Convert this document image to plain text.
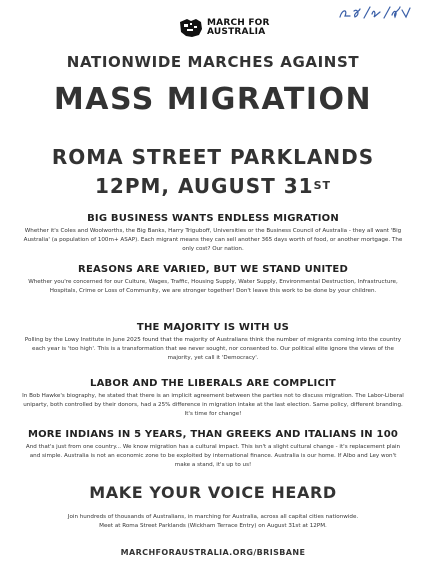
MARCH FOR
AUSTRALIA
NATIONWIDE MARCHES AGAINST
MASS MIGRATION
ROMA STREET PARKLANDS
12PM, AUGUST 31ST
BIG BUSINESS WANTS ENDLESS MIGRATION

Whether it's Coles and Woolworths, the Big Banks, Harry Triguboff, Universities or the Business Council of Australia - they all want 'Big Australia' (a population of 100m+ ASAP). Each migrant means they can sell another 365 days worth of food, or another mortgage. The only cost? Our nation.

REASONS ARE VARIED, BUT WE STAND UNITED

Whether you're concerned for our Culture, Wages, Traffic, Housing Supply, Water Supply, Environmental Destruction, Infrastructure, Hospitals, Crime or Loss of Community, we are stronger together! Don't leave this work to be done by your children.

THE MAJORITY IS WITH US

Polling by the Lowy Institute in June 2025 found that the majority of Australians think the number of migrants coming into the country each year is 'too high'. This is a transformation that we never sought, nor consented to. Our political elite ignore the views of the majority, yet call it 'Democracy'.

LABOR AND THE LIBERALS ARE COMPLICIT

In Bob Hawke's biography, he stated that there is an implicit agreement between the parties not to discuss migration. The Labor-Liberal uniparty, both controlled by their donors, had a 25% difference in migration intake at the last election. Same policy, different branding. It's time for change!

MORE INDIANS IN 5 YEARS, THAN GREEKS AND ITALIANS IN 100

And that's just from one country... We know migration has a cultural impact. This isn't a slight cultural change - it's replacement plain and simple. Australia is not an economic zone to be exploited by international finance. Australia is our home. If Albo and Ley won't make a stand, it's up to us!

MAKE YOUR VOICE HEARD
Join hundreds of thousands of Australians, in marching for Australia, across all capital cities nationwide.
Meet at Roma Street Parklands (Wickham Terrace Entry) on August 31st at 12PM.
MARCHFORAUSTRALIA.ORG/BRISBANE
